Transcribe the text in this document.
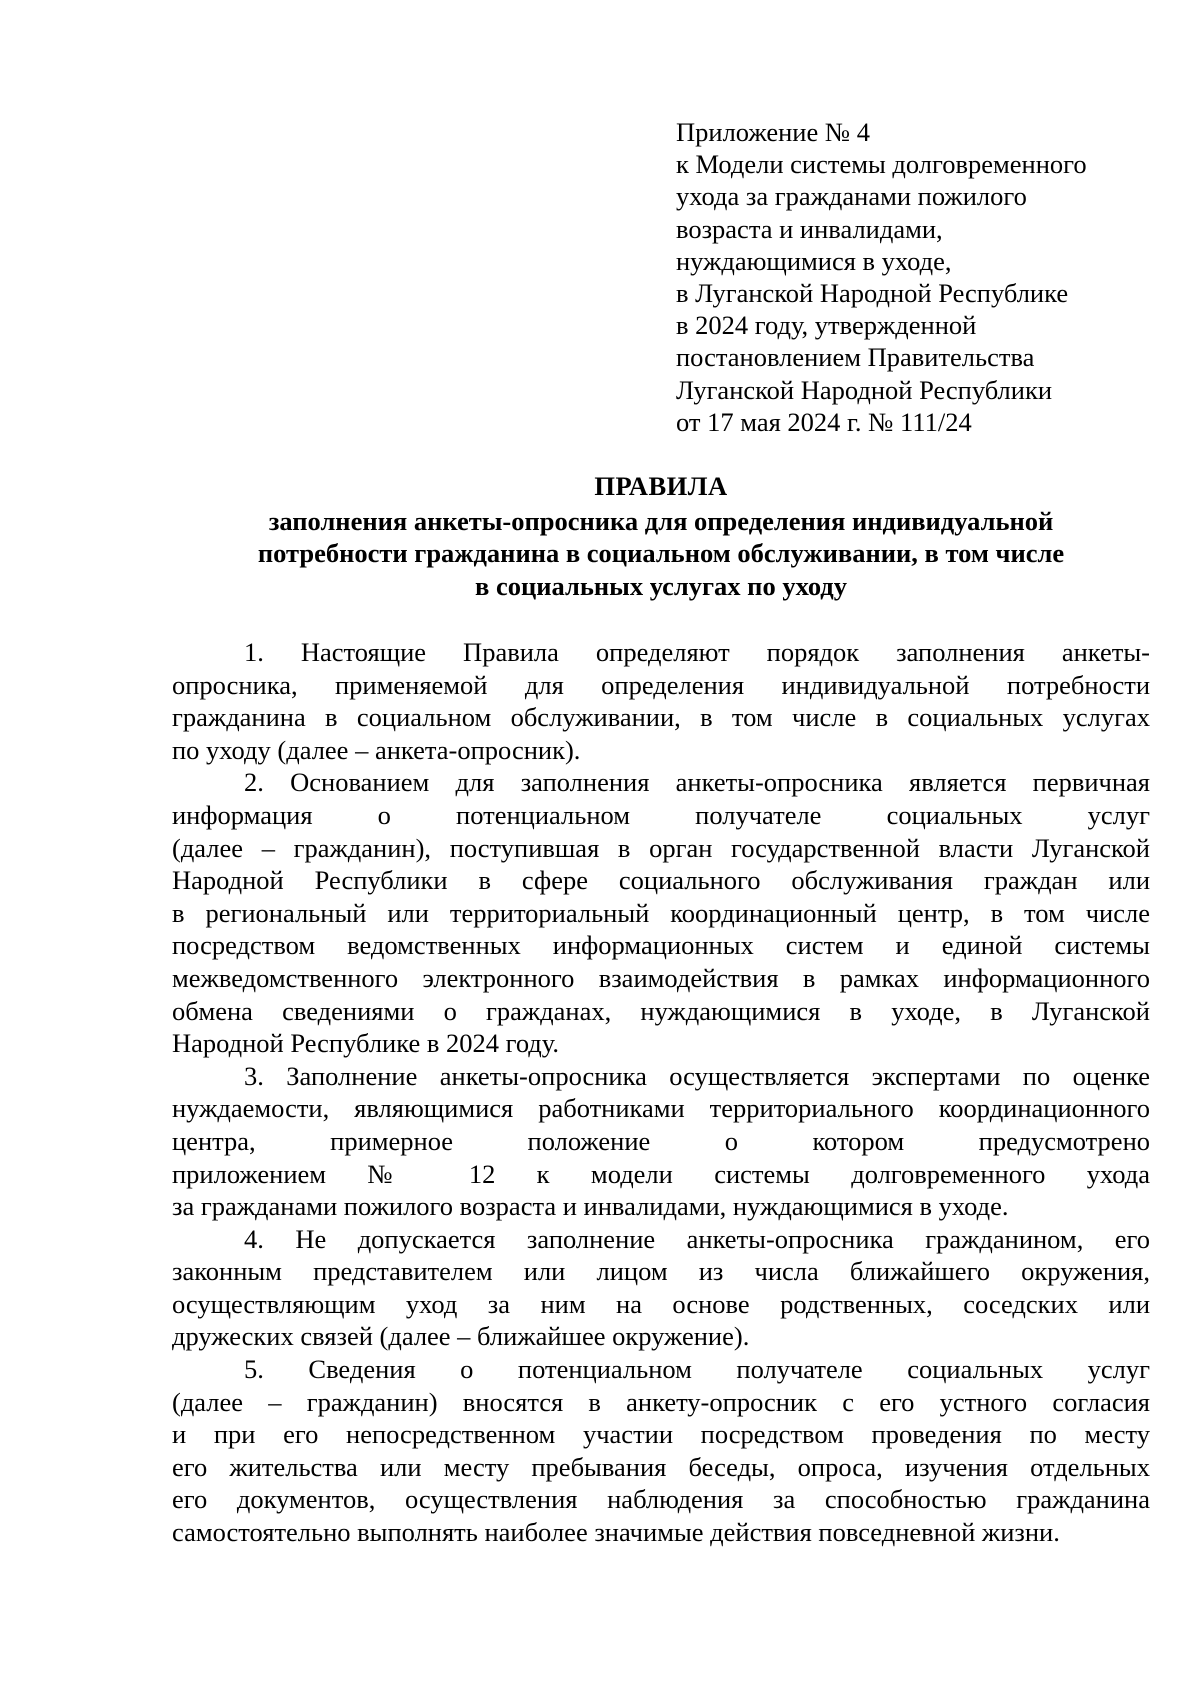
Приложение № 4
к Модели системы долговременного
ухода за гражданами пожилого
возраста и инвалидами,
нуждающимися в уходе,
в Луганской Народной Республике
в 2024 году, утвержденной
постановлением Правительства
Луганской Народной Республики
от 17 мая 2024 г. № 111/24
ПРАВИЛА
заполнения анкеты-опросника для определения индивидуальной
потребности гражданина в социальном обслуживании, в том числе
в социальных услугах по уходу
1. Настоящие Правила определяют порядок заполнения анкеты-
опросника, применяемой для определения индивидуальной потребности
гражданина в социальном обслуживании, в том числе в социальных услугах
по уходу (далее – анкета-опросник).
2. Основанием для заполнения анкеты-опросника является первичная
информация о потенциальном получателе социальных услуг
(далее – гражданин), поступившая в орган государственной власти Луганской
Народной Республики в сфере социального обслуживания граждан или
в региональный или территориальный координационный центр, в том числе
посредством ведомственных информационных систем и единой системы
межведомственного электронного взаимодействия в рамках информационного
обмена сведениями о гражданах, нуждающимися в уходе, в Луганской
Народной Республике в 2024 году.
3. Заполнение анкеты-опросника осуществляется экспертами по оценке
нуждаемости, являющимися работниками территориального координационного
центра, примерное положение о котором предусмотрено
приложением № 12 к модели системы долговременного ухода
за гражданами пожилого возраста и инвалидами, нуждающимися в уходе.
4. Не допускается заполнение анкеты-опросника гражданином, его
законным представителем или лицом из числа ближайшего окружения,
осуществляющим уход за ним на основе родственных, соседских или
дружеских связей (далее – ближайшее окружение).
5. Сведения о потенциальном получателе социальных услуг
(далее – гражданин) вносятся в анкету-опросник с его устного согласия
и при его непосредственном участии посредством проведения по месту
его жительства или месту пребывания беседы, опроса, изучения отдельных
его документов, осуществления наблюдения за способностью гражданина
самостоятельно выполнять наиболее значимые действия повседневной жизни.
